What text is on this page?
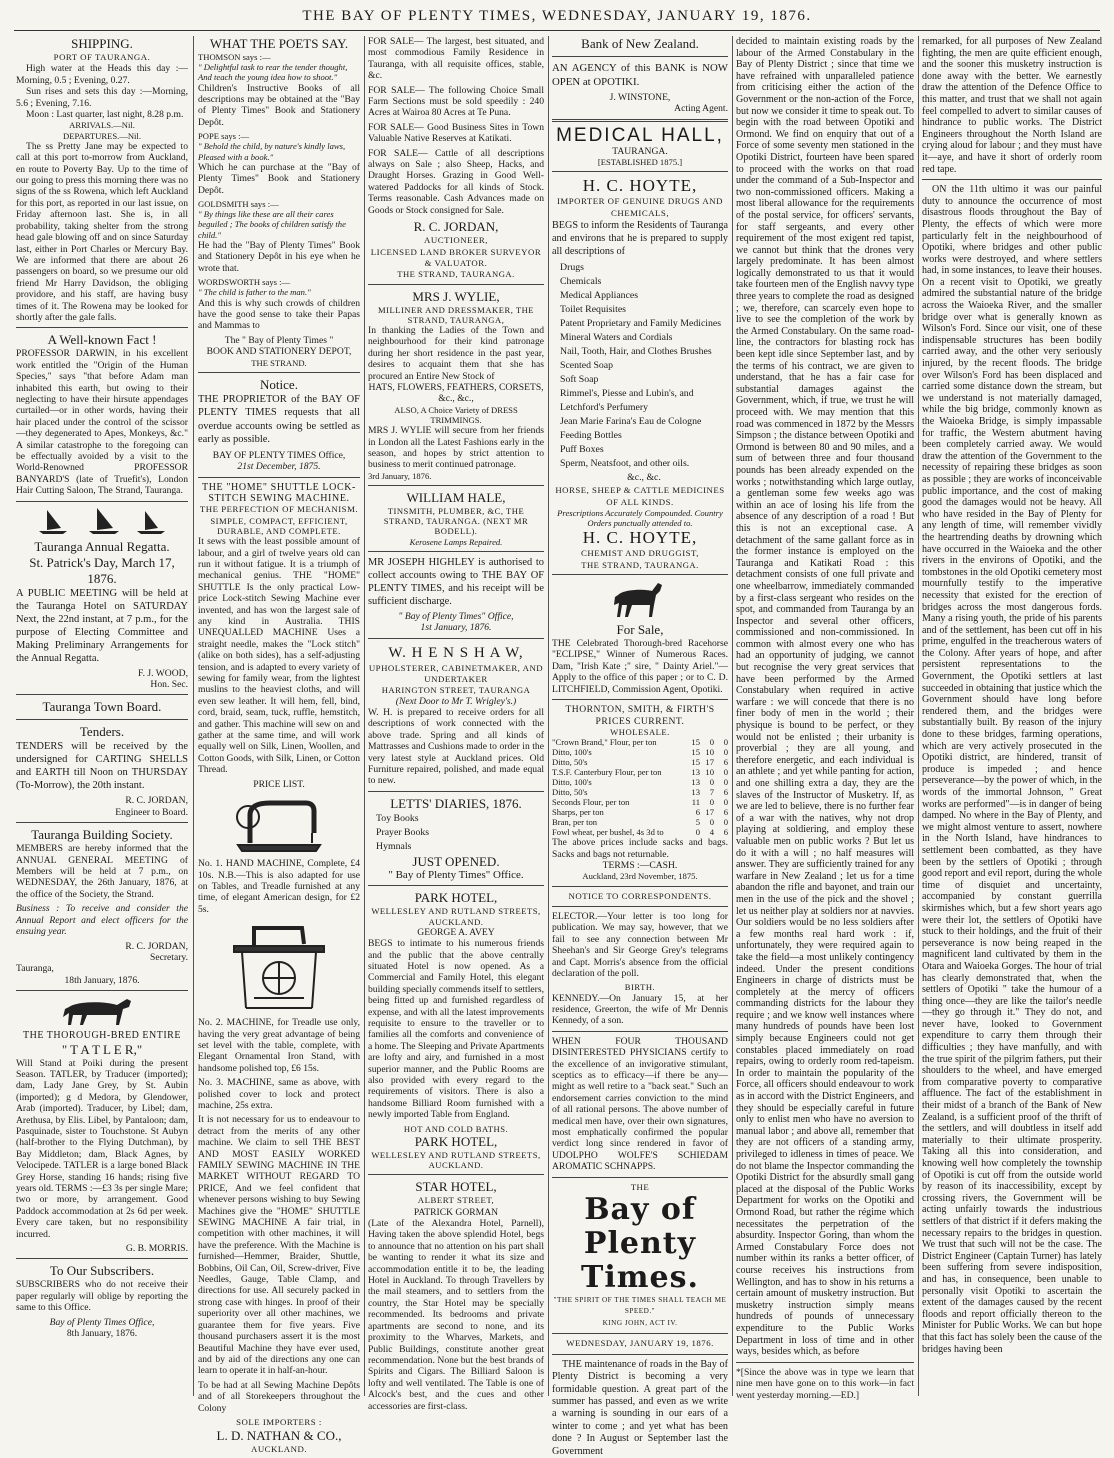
THE BAY OF PLENTY TIMES, WEDNESDAY, JANUARY 19, 1876.
SHIPPING.
PORT OF TAURANGA.
High water at the Heads this day :— Morning, 0.5 ; Evening, 0.27.
Sun rises and sets this day :—Morning, 5.6 ; Evening, 7.16.
Moon : Last quarter, last night, 8.28 p.m.
ARRIVALS.—Nil.
DEPARTURES.—Nil.
The ss Pretty Jane may be expected to call at this port to-morrow from Auckland, en route to Poverty Bay. Up to the time of our going to press this morning there was no signs of the ss Rowena, which left Auckland for this port, as reported in our last issue, on Friday afternoon last. She is, in all probability, taking shelter from the strong head gale blowing off and on since Saturday last, either in Port Charles or Mercury Bay. We are informed that there are about 26 passengers on board, so we presume our old friend Mr Harry Davidson, the obliging providore, and his staff, are having busy times of it. The Rowena may be looked for shortly after the gale falls.
A Well-known Fact !
PROFESSOR DARWIN, in his excellent work entitled the "Origin of the Human Species," says "that before Adam man inhabited this earth, but owing to their neglecting to have their hirsute appendages curtailed—or in other words, having their hair placed under the control of the scissor—they degenerated to Apes, Monkeys, &c." A similar catastrophe to the foregoing can be effectually avoided by a visit to the World-Renowned PROFESSOR BANYARD'S (late of Truefit's), London Hair Cutting Saloon, The Strand, Tauranga.
Tauranga Annual Regatta.
St. Patrick's Day, March 17, 1876.
A PUBLIC MEETING will be held at the Tauranga Hotel on SATURDAY Next, the 22nd instant, at 7 p.m., for the purpose of Electing Committee and Making Preliminary Arrangements for the Annual Regatta.
F. J. WOOD,
Hon. Sec.
Tauranga Town Board.
Tenders.
TENDERS will be received by the undersigned for CARTING SHELLS and EARTH till Noon on THURSDAY (To-Morrow), the 20th instant.
R. C. JORDAN,
Engineer to Board.
Tauranga Building Society.
MEMBERS are hereby informed that the ANNUAL GENERAL MEETING of Members will be held at 7 p.m., on WEDNESDAY, the 26th January, 1876, at the office of the Society, the Strand.
Business : To receive and consider the Annual Report and elect officers for the ensuing year.
R. C. JORDAN,
Secretary.
Tauranga,
18th January, 1876.
THE THOROUGH-BRED ENTIRE
" T A T L E R,"
Will Stand at Poiki during the present Season. TATLER, by Traducer (imported); dam, Lady Jane Grey, by St. Aubin (imported); g d Medora, by Glendower, Arab (imported). Traducer, by Libel; dam, Arethusa, by Elis. Libel, by Pantaloon; dam, Pasquinade, sister to Touchstone. St Aubyn (half-brother to the Flying Dutchman), by Bay Middleton; dam, Black Agnes, by Velocipede. TATLER is a large boned Black Grey Horse, standing 16 hands; rising five years old. TERMS :—£3 3s per single Mare; two or more, by arrangement. Good Paddock accommodation at 2s 6d per week. Every care taken, but no responsibility incurred.
G. B. MORRIS.
To Our Subscribers.
SUBSCRIBERS who do not receive their paper regularly will oblige by reporting the same to this Office.
Bay of Plenty Times Office,
8th January, 1876.
WHAT THE POETS SAY.
THOMSON says :—
" Delightful task to rear the tender thought, And teach the young idea how to shoot."
Children's Instructive Books of all descriptions may be obtained at the "Bay of Plenty Times" Book and Stationery Depôt.
POPE says :—
" Behold the child, by nature's kindly laws, Pleased with a book."
Which he can purchase at the "Bay of Plenty Times" Book and Stationery Depôt.
GOLDSMITH says :—
" By things like these are all their cares beguiled ; The books of children satisfy the child."
He had the "Bay of Plenty Times" Book and Stationery Depôt in his eye when he wrote that.
WORDSWORTH says :—
" The child is father to the man."
And this is why such crowds of children have the good sense to take their Papas and Mammas to
The " Bay of Plenty Times "
BOOK AND STATIONERY DEPOT,
THE STRAND.
Notice.
THE PROPRIETOR of the BAY OF PLENTY TIMES requests that all overdue accounts owing be settled as early as possible.
BAY OF PLENTY TIMES Office,
21st December, 1875.
THE "HOME" SHUTTLE LOCK-STITCH SEWING MACHINE.
THE PERFECTION OF MECHANISM.
SIMPLE, COMPACT, EFFICIENT, DURABLE, AND COMPLETE.
It sews with the least possible amount of labour, and a girl of twelve years old can run it without fatigue. It is a triumph of mechanical genius. THE "HOME" SHUTTLE Is the only practical Low-price Lock-stitch Sewing Machine ever invented, and has won the largest sale of any kind in Australia. THIS UNEQUALLED MACHINE Uses a straight needle, makes the "Lock stitch" (alike on both sides), has a self-adjusting tension, and is adapted to every variety of sewing for family wear, from the lightest muslins to the heaviest cloths, and will even sew leather. It will hem, fell, bind, cord, braid, seam, tuck, ruffle, hemstitch, and gather. This machine will sew on and gather at the same time, and will work equally well on Silk, Linen, Woollen, and Cotton Goods, with Silk, Linen, or Cotton Thread.
PRICE LIST.
No. 1. HAND MACHINE, Complete, £4 10s. N.B.—This is also adapted for use on Tables, and Treadle furnished at any time, of elegant American design, for £2 5s.
No. 2. MACHINE, for Treadle use only, having the very great advantage of being set level with the table, complete, with Elegant Ornamental Iron Stand, with handsome polished top, £6 15s.
No. 3. MACHINE, same as above, with polished cover to lock and protect machine, 25s extra.
It is not necessary for us to endeavour to detract from the merits of any other machine. We claim to sell THE BEST AND MOST EASILY WORKED FAMILY SEWING MACHINE IN THE MARKET WITHOUT REGARD TO PRICE, And we feel confident that whenever persons wishing to buy Sewing Machines give the "HOME" SHUTTLE SEWING MACHINE A fair trial, in competition with other machines, it will have the preference. With the Machine is furnished—Hemmer, Braider, Shuttle, Bobbins, Oil Can, Oil, Screw-driver, Five Needles, Gauge, Table Clamp, and directions for use. All securely packed in strong case with hinges. In proof of their superiority over all other machines, we guarantee them for five years. Five thousand purchasers assert it is the most Beautiful Machine they have ever used, and by aid of the directions any one can learn to operate it in half-an-hour.
To be had at all Sewing Machine Depôts and of all Storekeepers throughout the Colony
SOLE IMPORTERS :
L. D. NATHAN & CO.,
AUCKLAND.
FOR SALE— The largest, best situated, and most commodious Family Residence in Tauranga, with all requisite offices, stable, &c.
FOR SALE— The following Choice Small Farm Sections must be sold speedily : 240 Acres at Wairoa 80 Acres at Te Puna.
FOR SALE— Good Business Sites in Town Valuable Native Reserves at Katikati.
FOR SALE— Cattle of all descriptions always on Sale ; also Sheep, Hacks, and Draught Horses. Grazing in Good Well-watered Paddocks for all kinds of Stock. Terms reasonable. Cash Advances made on Goods or Stock consigned for Sale.
R. C. JORDAN,
AUCTIONEER,
LICENSED LAND BROKER SURVEYOR & VALUATOR.
THE STRAND, TAURANGA.
MRS J. WYLIE,
MILLINER AND DRESSMAKER, THE STRAND, TAURANGA,
In thanking the Ladies of the Town and neighbourhood for their kind patronage during her short residence in the past year, desires to acquaint them that she has procured an Entire New Stock of
HATS, FLOWERS, FEATHERS, CORSETS, &c., &c.,
ALSO, A Choice Variety of DRESS TRIMMINGS.
MRS J. WYLIE will secure from her friends in London all the Latest Fashions early in the season, and hopes by strict attention to business to merit continued patronage.
3rd January, 1876.
WILLIAM HALE,
TINSMITH, PLUMBER, &C, THE STRAND, TAURANGA. (NEXT MR BODELL).
Kerosene Lamps Repaired.
MR JOSEPH HIGHLEY is authorised to collect accounts owing to THE BAY OF PLENTY TIMES, and his receipt will be sufficient discharge.
" Bay of Plenty Times" Office,
1st January, 1876.
W. H E N S H A W,
UPHOLSTERER, CABINETMAKER, AND UNDERTAKER
HARINGTON STREET, TAURANGA
(Next Door to Mr T. Wrigley's.)
W. H. is prepared to receive orders for all descriptions of work connected with the above trade. Spring and all kinds of Mattrasses and Cushions made to order in the very latest style at Auckland prices. Old Furniture repaired, polished, and made equal to new.
LETTS' DIARIES, 1876.
Toy Books
Prayer Books
Hymnals
JUST OPENED.
" Bay of Plenty Times" Office.
PARK HOTEL,
WELLESLEY AND RUTLAND STREETS, AUCKLAND.
GEORGE A. AVEY
BEGS to intimate to his numerous friends and the public that the above centrally situated Hotel is now opened. As a Commercial and Family Hotel, this elegant building specially commends itself to settlers, being fitted up and furnished regardless of expense, and with all the latest improvements requisite to ensure to the traveller or to families all the comforts and convenience of a home. The Sleeping and Private Apartments are lofty and airy, and furnished in a most superior manner, and the Public Rooms are also provided with every regard to the requirements of visitors. There is also a handsome Billiard Room furnished with a newly imported Table from England.
HOT AND COLD BATHS.
PARK HOTEL,
WELLESLEY AND RUTLAND STREETS, AUCKLAND.
STAR HOTEL,
ALBERT STREET,
PATRICK GORMAN
(Late of the Alexandra Hotel, Parnell), Having taken the above splendid Hotel, begs to announce that no attention on his part shall be wanting to render it what its size and accommodation entitle it to be, the leading Hotel in Auckland. To through Travellers by the mail steamers, and to settlers from the country, the Star Hotel may be specially recommended. Its bedrooms and private apartments are second to none, and its proximity to the Wharves, Markets, and Public Buildings, constitute another great recommendation. None but the best brands of Spirits and Cigars. The Billiard Saloon is lofty and well ventilated. The Table is one of Alcock's best, and the cues and other accessories are first-class.
Bank of New Zealand.
AN AGENCY of this BANK is NOW OPEN at OPOTIKI.
J. WINSTONE,
Acting Agent.
MEDICAL HALL,
TAURANGA.
[ESTABLISHED 1875.]
H. C. HOYTE,
IMPORTER OF GENUINE DRUGS AND CHEMICALS,
BEGS to inform the Residents of Tauranga and environs that he is prepared to supply all descriptions of
Drugs
Chemicals
Medical Appliances
Toilet Requisites
Patent Proprietary and Family Medicines
Mineral Waters and Cordials
Nail, Tooth, Hair, and Clothes Brushes
Scented Soap
Soft Soap
Rimmel's, Piesse and Lubin's, and Letchford's Perfumery
Jean Marie Farina's Eau de Cologne
Feeding Bottles
Puff Boxes
Sperm, Neatsfoot, and other oils.
&c., &c.
HORSE, SHEEP & CATTLE MEDICINES OF ALL KINDS.
Prescriptions Accurately Compounded. Country Orders punctually attended to.
H. C. HOYTE,
CHEMIST AND DRUGGIST,
THE STRAND, TAURANGA.
For Sale,
THE Celebrated Thorough-bred Racehorse "ECLIPSE," Winner of Numerous Races. Dam, "Irish Kate ;" sire, " Dainty Ariel."—Apply to the office of this paper ; or to C. D. LITCHFIELD, Commission Agent, Opotiki.
THORNTON, SMITH, & FIRTH'S PRICES CURRENT.
WHOLESALE.
"Crown Brand," Flour, per ton	15	0	0
Ditto, 100's	15	10	0
Ditto, 50's	15	17	6
T.S.F. Canterbury Flour, per ton	13	10	0
Ditto, 100's	13	0	0
Ditto, 50's	13	7	6
Seconds Flour, per ton	11	0	0
Sharps, per ton	6	17	6
Bran, per ton	5	0	0
Fowl wheat, per bushel, 4s 3d to	0	4	6
The above prices include sacks and bags. Sacks and bags not returnable.
TERMS :—CASH.
Auckland, 23rd November, 1875.
NOTICE TO CORRESPONDENTS.
ELECTOR.—Your letter is too long for publication. We may say, however, that we fail to see any connection between Mr Sheehan's and Sir George Grey's telegrams and Capt. Morris's absence from the official declaration of the poll.
BIRTH.
KENNEDY.—On January 15, at her residence, Greerton, the wife of Mr Dennis Kennedy, of a son.
WHEN FOUR THOUSAND DISINTERESTED PHYSICIANS certify to the excellence of an invigorative stimulant, sceptics as to efficacy—if there be any—might as well retire to a "back seat." Such an endorsement carries conviction to the mind of all rational persons. The above number of medical men have, over their own signatures, most emphatically confirmed the popular verdict long since rendered in favor of UDOLPHO WOLFE'S SCHIEDAM AROMATIC SCHNAPPS.
THE
Bay of Plenty Times.
"THE SPIRIT OF THE TIMES SHALL TEACH ME SPEED."
KING JOHN, ACT IV.
WEDNESDAY, JANUARY 19, 1876.
THE maintenance of roads in the Bay of Plenty District is becoming a very formidable question. A great part of the summer has passed, and even as we write a warning is sounding in our ears of a winter to come ; and yet what has been done ? In August or September last the Government
decided to maintain existing roads by the labour of the Armed Constabulary in the Bay of Plenty District ; since that time we have refrained with unparalleled patience from criticising either the action of the Government or the non-action of the Force, but now we consider it time to speak out. To begin with the road between Opotiki and Ormond. We find on enquiry that out of a Force of some seventy men stationed in the Opotiki District, fourteen have been spared to proceed with the works on that road under the command of a Sub-Inspector and two non-commissioned officers. Making a most liberal allowance for the requirements of the postal service, for officers' servants, for staff sergeants, and every other requirement of the most exigent red tapist, we cannot but think that the drones very largely predominate. It has been almost logically demonstrated to us that it would take fourteen men of the English navvy type three years to complete the road as designed ; we, therefore, can scarcely even hope to live to see the completion of the work by the Armed Constabulary. On the same road-line, the contractors for blasting rock has been kept idle since September last, and by the terms of his contract, we are given to understand, that he has a fair case for substantial damages against the Government, which, if true, we trust he will proceed with. We may mention that this road was commenced in 1872 by the Messrs Simpson ; the distance between Opotiki and Ormond is between 80 and 90 miles, and a sum of between three and four thousand pounds has been already expended on the works ; notwithstanding which large outlay, a gentleman some few weeks ago was within an ace of losing his life from the absence of any description of a road ! But this is not an exceptional case. A detachment of the same gallant force as in the former instance is employed on the Tauranga and Katikati Road : this detachment consists of one full private and one wheelbarrow, immediately commanded by a first-class sergeant who resides on the spot, and commanded from Tauranga by an Inspector and several other officers, commissioned and non-commissioned. In common with almost every one who has had an opportunity of judging, we cannot but recognise the very great services that have been performed by the Armed Constabulary when required in active warfare : we will concede that there is no finer body of men in the world ; their physique is bound to be perfect, or they would not be enlisted ; their urbanity is proverbial ; they are all young, and therefore energetic, and each individual is an athlete ; and yet while panting for action, and one shilling extra a day, they are the slaves of the Instructor of Musketry. If, as we are led to believe, there is no further fear of a war with the natives, why not drop playing at soldiering, and employ these valuable men on public works ? But let us do it with a will ; no half measures will answer. They are sufficiently trained for any warfare in New Zealand ; let us for a time abandon the rifle and bayonet, and train our men in the use of the pick and the shovel ; let us neither play at soldiers nor at navvies. Our soldiers would be no less soldiers after a few months real hard work : if, unfortunately, they were required again to take the field—a most unlikely contingency indeed. Under the present conditions Engineers in charge of districts must be completely at the mercy of officers commanding districts for the labour they require ; and we know well instances where many hundreds of pounds have been lost simply because Engineers could not get constables placed immediately on road repairs, owing to orderly room red-tapeism. In order to maintain the popularity of the Force, all officers should endeavour to work as in accord with the District Engineers, and they should be especially careful in future only to enlist men who have no aversion to manual labor ; and above all, remember that they are not officers of a standing army, privileged to idleness in times of peace. We do not blame the Inspector commanding the Opotiki District for the absurdly small gang placed at the disposal of the Public Works Department for works on the Opotiki and Ormond Road, but rather the régime which necessitates the perpetration of the absurdity. Inspector Goring, than whom the Armed Constabulary Force does not number within its ranks a better officer, of course receives his instructions from Wellington, and has to show in his returns a certain amount of musketry instruction. But musketry instruction simply means hundreds of pounds of unnecessary expenditure to the Public Works Department in loss of time and in other ways, besides which, as before
*[Since the above was in type we learn that nine men have gone on to this work—in fact went yesterday morning.—ED.]
remarked, for all purposes of New Zealand fighting, the men are quite efficient enough, and the sooner this musketry instruction is done away with the better. We earnestly draw the attention of the Defence Office to this matter, and trust that we shall not again feel compelled to advert to similar causes of hindrance to public works. The District Engineers throughout the North Island are crying aloud for labour ; and they must have it—aye, and have it short of orderly room red tape.
ON the 11th ultimo it was our painful duty to announce the occurrence of most disastrous floods throughout the Bay of Plenty, the effects of which were more particularly felt in the neighbourhood of Opotiki, where bridges and other public works were destroyed, and where settlers had, in some instances, to leave their houses. On a recent visit to Opotiki, we greatly admired the substantial nature of the bridge across the Waioeka River, and the smaller bridge over what is generally known as Wilson's Ford. Since our visit, one of these indispensable structures has been bodily carried away, and the other very seriously injured, by the recent floods. The bridge over Wilson's Ford has been displaced and carried some distance down the stream, but we understand is not materially damaged, while the big bridge, commonly known as the Waioeka Bridge, is simply impassable for traffic, the Western abutment having been completely carried away. We would draw the attention of the Government to the necessity of repairing these bridges as soon as possible ; they are works of inconceivable public importance, and the cost of making good the damages would not be heavy. All who have resided in the Bay of Plenty for any length of time, will remember vividly the heartrending deaths by drowning which have occurred in the Waioeka and the other rivers in the environs of Opotiki, and the tombstones in the old Opotiki cemetery most mournfully testify to the imperative necessity that existed for the erection of bridges across the most dangerous fords. Many a rising youth, the pride of his parents and of the settlement, has been cut off in his prime, engulfed in the treacherous waters of the Colony. After years of hope, and after persistent representations to the Government, the Opotiki settlers at last succeeded in obtaining that justice which the Government should have long before rendered them, and the bridges were substantially built. By reason of the injury done to these bridges, farming operations, which are very actively prosecuted in the Opotiki district, are hindered, transit of produce is impeded ; and hence perseverance—by the power of which, in the words of the immortal Johnson, " Great works are performed"—is in danger of being damped. No where in the Bay of Plenty, and we might almost venture to assert, nowhere in the North Island, have hindrances to settlement been combatted, as they have been by the settlers of Opotiki ; through good report and evil report, during the whole time of disquiet and uncertainty, accompanied by constant guerrilla skirmishes which, but a few short years ago were their lot, the settlers of Opotiki have stuck to their holdings, and the fruit of their perseverance is now being reaped in the magnificent land cultivated by them in the Otara and Waioeka Gorges. The hour of trial has clearly demonstrated that, when the settlers of Opotiki " take the humour of a thing once—they are like the tailor's needle—they go through it." They do not, and never have, looked to Government expenditure to carry them through their difficulties ; they have manfully, and with the true spirit of the pilgrim fathers, put their shoulders to the wheel, and have emerged from comparative poverty to comparative affluence. The fact of the establishment in their midst of a branch of the Bank of New Zealand, is a sufficient proof of the thrift of the settlers, and will doubtless in itself add materially to their ultimate prosperity. Taking all this into consideration, and knowing well how completely the township of Opotiki is cut off from the outside world by reason of its inaccessibility, except by crossing rivers, the Government will be acting unfairly towards the industrious settlers of that district if it defers making the necessary repairs to the bridges in question. We trust that such will not be the case. The District Engineer (Captain Turner) has lately been suffering from severe indisposition, and has, in consequence, been unable to personally visit Opotiki to ascertain the extent of the damages caused by the recent floods and report officially thereon to the Minister for Public Works. We can but hope that this fact has solely been the cause of the bridges having been
